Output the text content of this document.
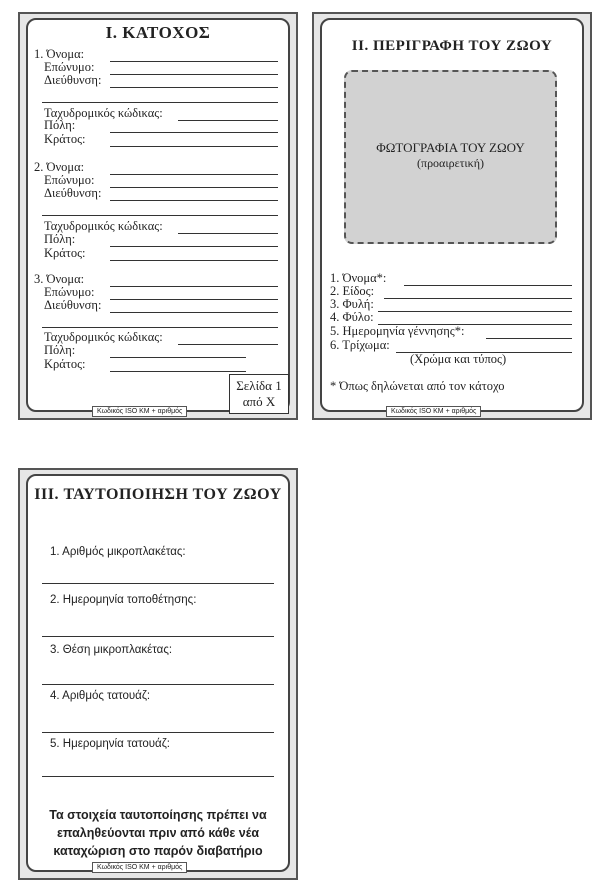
I. ΚΑΤΟΧΟΣ
1. Όνομα:
Επώνυμο:
Διεύθυνση:
Ταχυδρομικός κώδικας:
Πόλη:
Κράτος:
2. Όνομα:
Επώνυμο:
Διεύθυνση:
Ταχυδρομικός κώδικας:
Πόλη:
Κράτος:
3. Όνομα:
Επώνυμο:
Διεύθυνση:
Ταχυδρομικός κώδικας:
Πόλη:
Κράτος:
Σελίδα 1
από Χ
Κωδικός ISO ΚΜ + αριθμός
II. ΠΕΡΙΓΡΑΦΗ ΤΟΥ ΖΩΟΥ
ΦΩΤΟΓΡΑΦΙΑ ΤΟΥ ΖΩΟΥ
(προαιρετική)
1. Όνομα*:
2. Είδος:
3. Φυλή:
4. Φύλο:
5. Ημερομηνία γέννησης*:
6. Τρίχωμα:
(Χρώμα και τύπος)
* Όπως δηλώνεται από τον κάτοχο
Κωδικός ISO ΚΜ + αριθμός
III. ΤΑΥΤΟΠΟΙΗΣΗ ΤΟΥ ΖΩΟΥ
1. Αριθμός μικροπλακέτας:
2. Ημερομηνία τοποθέτησης:
3. Θέση μικροπλακέτας:
4. Αριθμός τατουάζ:
5. Ημερομηνία τατουάζ:
Τα στοιχεία ταυτοποίησης πρέπει να
επαληθεύονται πριν από κάθε νέα
καταχώριση στο παρόν διαβατήριο
Κωδικός ISO ΚΜ + αριθμός
